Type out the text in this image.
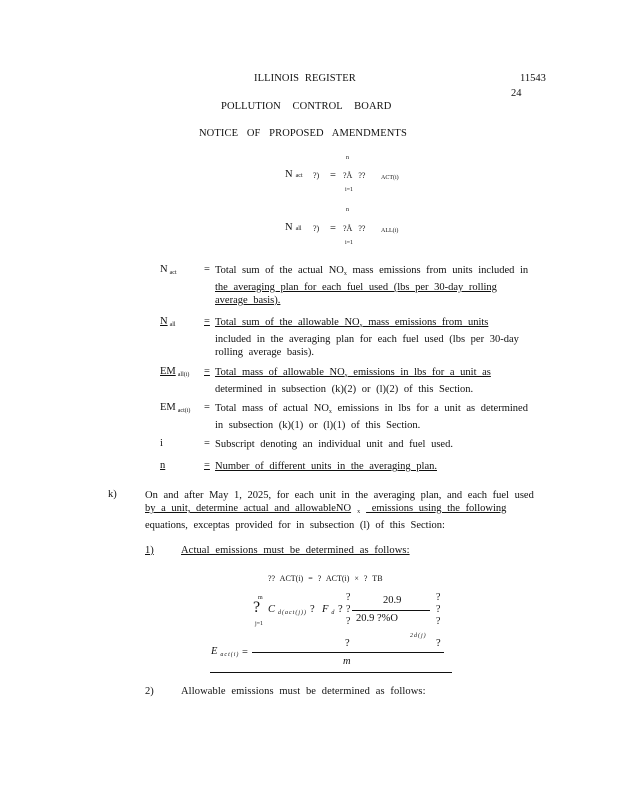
ILLINOIS REGISTER	11543
24
POLLUTION CONTROL BOARD
NOTICE OF PROPOSED AMENDMENTS
n
Nact ?) = ?Å ??	ACT(i)
i=1
n
Nall ?) = ?Å ??	ALL(i)
i=1
N $_{act}$	= Total sum of the actual $NO_x$ mass emissions from units included in
the averaging plan for each fuel used (lbs per 30-day rolling
average basis).
N $_{all}$	= Total sum of the allowable $NO_x$ mass emissions from units
included in the averaging plan for each fuel used (lbs per 30-day
rolling average basis).
EM $_{all(i)}$	= Total mass of allowable $NO_x$ emissions in lbs for a unit as
determined in subsection (k)(2) or (l)(2) of this Section.
EM $_{act(i)}$	= Total mass of actual $NO_x$ emissions in lbs for a unit as determined
in subsection (k)(1) or (l)(1) of this Section.
i	= Subscript denoting an individual unit and fuel used.
n	= Number of different units in the averaging plan.
k)	On and after May 1, 2025, for each unit in the averaging plan, and each fuel used
by a unit, determine actual and allowableNO x emissions using the following
equations, exceptas provided for in subsection (l) of this Section:
1)	Actual emissions must be determined as follows:
?? ACT(i) = ? ACT(i) × ? TB
m
?
j=1
Cd(act(j)) ? Fd ?
?
?
?
20.9
20.9 ?%O
?
?
?
2d(j)
Eact(i) =
?	?
m
2)	Allowable emissions must be determined as follows:
